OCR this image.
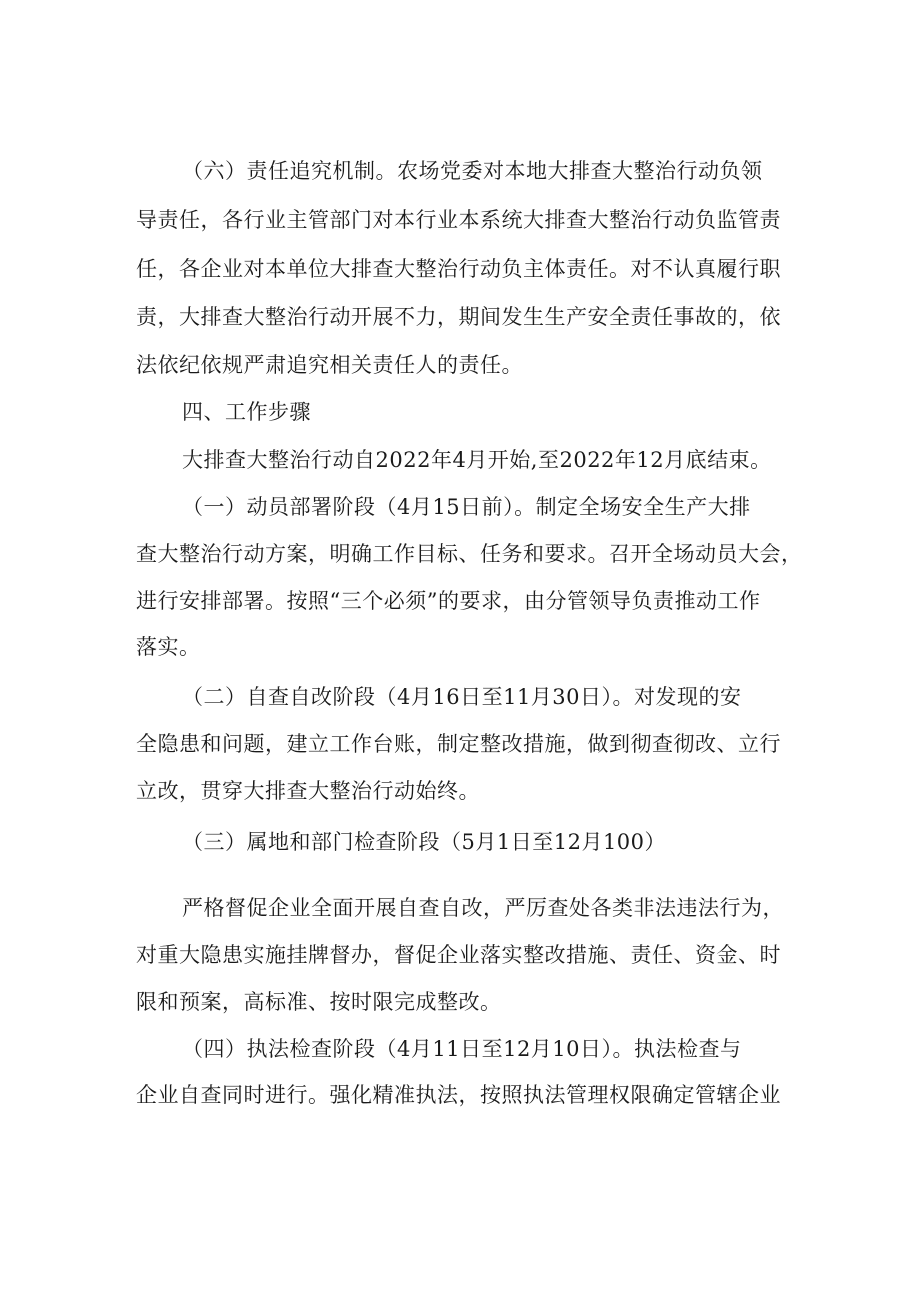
（六）责任追究机制。农场党委对本地大排查大整治行动负领
导责任，各行业主管部门对本行业本系统大排查大整治行动负监管责
任，各企业对本单位大排查大整治行动负主体责任。对不认真履行职
责，大排查大整治行动开展不力，期间发生生产安全责任事故的，依
法依纪依规严肃追究相关责任人的责任。
四、工作步骤
大排查大整治行动自2022年4月开始,至2022年12月底结束。
（一）动员部署阶段（4月15日前）。制定全场安全生产大排
查大整治行动方案，明确工作目标、任务和要求。召开全场动员大会，
进行安排部署。按照“三个必须”的要求，由分管领导负责推动工作
落实。
（二）自查自改阶段（4月16日至11月30日）。对发现的安
全隐患和问题，建立工作台账，制定整改措施，做到彻查彻改、立行
立改，贯穿大排查大整治行动始终。
（三）属地和部门检查阶段（5月1日至12月100）
严格督促企业全面开展自查自改，严厉查处各类非法违法行为，
对重大隐患实施挂牌督办，督促企业落实整改措施、责任、资金、时
限和预案，高标准、按时限完成整改。
（四）执法检查阶段（4月11日至12月10日）。执法检查与
企业自查同时进行。强化精准执法，按照执法管理权限确定管辖企业
